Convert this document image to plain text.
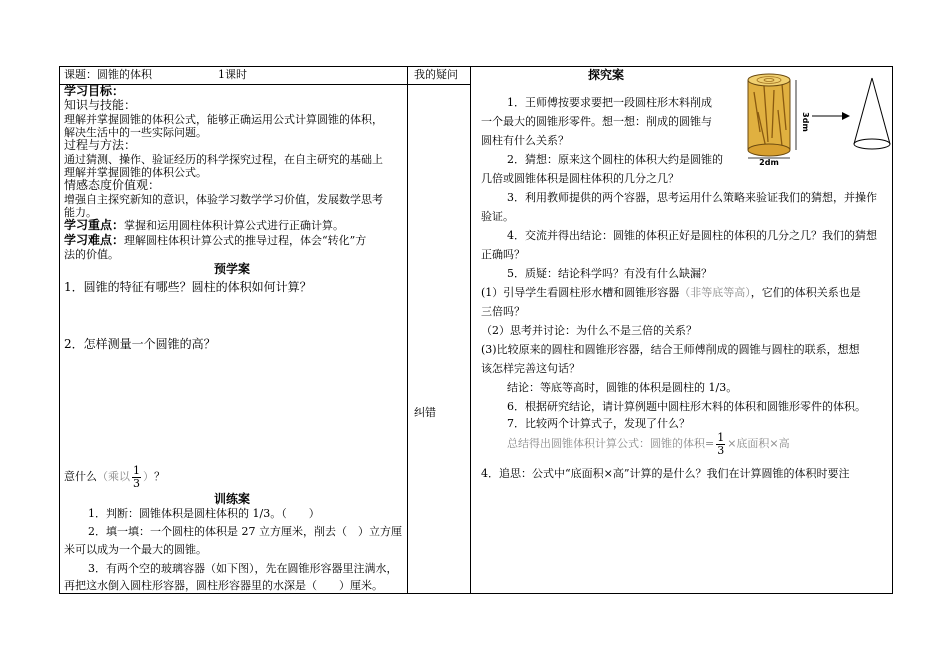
课题：圆锥的体积	1课时	我的疑问	探究案
学习目标：
知识与技能：
理解并掌握圆锥的体积公式，能够正确运用公式计算圆锥的体积，
解决生活中的一些实际问题。
过程与方法：
通过猜测、操作、验证经历的科学探究过程，在自主研究的基础上
理解并掌握圆锥的体积公式。
情感态度价值观：
增强自主探究新知的意识，体验学习数学学习价值，发展数学思考
能力。
学习重点：掌握和运用圆柱体积计算公式进行正确计算。
学习难点：理解圆柱体积计算公式的推导过程，体会“转化”方
法的价值。
预学案
1．圆锥的特征有哪些？圆柱的体积如何计算？
2．怎样测量一个圆锥的高？
意什么（乘以 $\frac{1}{3}$ ）？
训练案
1．判断：圆锥体积是圆柱体积的 1/3。（　　）
2．填一填：一个圆柱的体积是 27 立方厘米，削去（　）立方厘
米可以成为一个最大的圆锥。
3．有两个空的玻璃容器（如下图），先在圆锥形容器里注满水，
再把这水倒入圆柱形容器，圆柱形容器里的水深是（　　）厘米。
纠错
1．王师傅按要求要把一段圆柱形木料削成
一个最大的圆锥形零件。想一想：削成的圆锥与
圆柱有什么关系？
2．猜想：原来这个圆柱的体积大约是圆锥的
几倍或圆锥体积是圆柱体积的几分之几？
3．利用教师提供的两个容器，思考运用什么策略来验证我们的猜想，并操作
验证。
4．交流并得出结论：圆锥的体积正好是圆柱的体积的几分之几？我们的猜想
正确吗？
5．质疑：结论科学吗？有没有什么缺漏？
(1）引导学生看圆柱形水槽和圆锥形容器（非等底等高），它们的体积关系也是
三倍吗？
（2）思考并讨论：为什么不是三倍的关系？
(3)比较原来的圆柱和圆锥形容器，结合王师傅削成的圆锥与圆柱的联系，想想
该怎样完善这句话？
结论：等底等高时，圆锥的体积是圆柱的 1/3。
6．根据研究结论，请计算例题中圆柱形木料的体积和圆锥形零件的体积。
7．比较两个计算式子，发现了什么？
总结得出圆锥体积计算公式：圆锥的体积= $\frac{1}{3}$ ×底面积×高
4．追思：公式中“底面积×高”计算的是什么？我们在计算圆锥的体积时要注
3dm
2dm
